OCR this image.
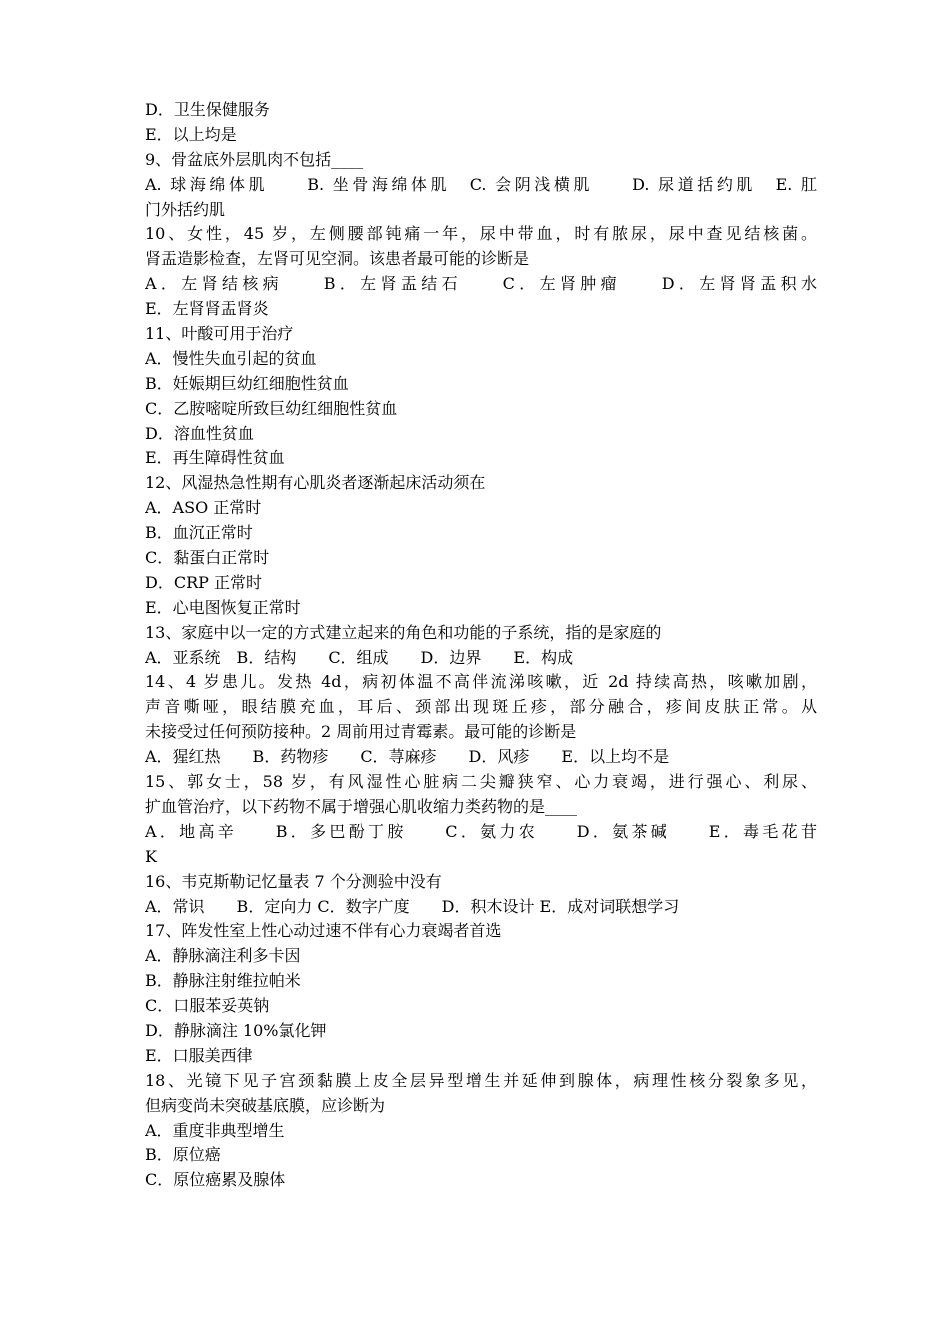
D．卫生保健服务
E．以上均是
9、骨盆底外层肌肉不包括____
A. 球海绵体肌　　B. 坐骨海绵体肌　C. 会阴浅横肌　　D. 尿道括约肌　E. 肛
门外括约肌
10、女性，45 岁，左侧腰部钝痛一年，尿中带血，时有脓尿，尿中查见结核菌。
肾盂造影检查，左肾可见空洞。该患者最可能的诊断是
A．左肾结核病　　B．左肾盂结石　　C．左肾肿瘤　　D．左肾肾盂积水
E．左肾肾盂肾炎
11、叶酸可用于治疗
A．慢性失血引起的贫血
B．妊娠期巨幼红细胞性贫血
C．乙胺嘧啶所致巨幼红细胞性贫血
D．溶血性贫血
E．再生障碍性贫血
12、风湿热急性期有心肌炎者逐渐起床活动须在
A．ASO 正常时
B．血沉正常时
C．黏蛋白正常时
D．CRP 正常时
E．心电图恢复正常时
13、家庭中以一定的方式建立起来的角色和功能的子系统，指的是家庭的
A．亚系统　B．结构　　C．组成　　D．边界　　E．构成
14、4 岁患儿。发热 4d，病初体温不高伴流涕咳嗽，近 2d 持续高热，咳嗽加剧，
声音嘶哑，眼结膜充血，耳后、颈部出现斑丘疹，部分融合，疹间皮肤正常。从
未接受过任何预防接种。2 周前用过青霉素。最可能的诊断是
A．猩红热　　B．药物疹　　C．荨麻疹　　D．风疹　　E．以上均不是
15、郭女士，58 岁，有风湿性心脏病二尖瓣狭窄、心力衰竭，进行强心、利尿、
扩血管治疗，以下药物不属于增强心肌收缩力类药物的是____
A．地高辛　　B．多巴酚丁胺　　C．氨力农　　D．氨茶碱　　E．毒毛花苷
K
16、韦克斯勒记忆量表 7 个分测验中没有
A．常识　　B．定向力 C．数字广度　　D．积木设计 E．成对词联想学习
17、阵发性室上性心动过速不伴有心力衰竭者首选
A．静脉滴注利多卡因
B．静脉注射维拉帕米
C．口服苯妥英钠
D．静脉滴注 10%氯化钾
E．口服美西律
18、光镜下见子宫颈黏膜上皮全层异型增生并延伸到腺体，病理性核分裂象多见，
但病变尚未突破基底膜，应诊断为
A．重度非典型增生
B．原位癌
C．原位癌累及腺体
